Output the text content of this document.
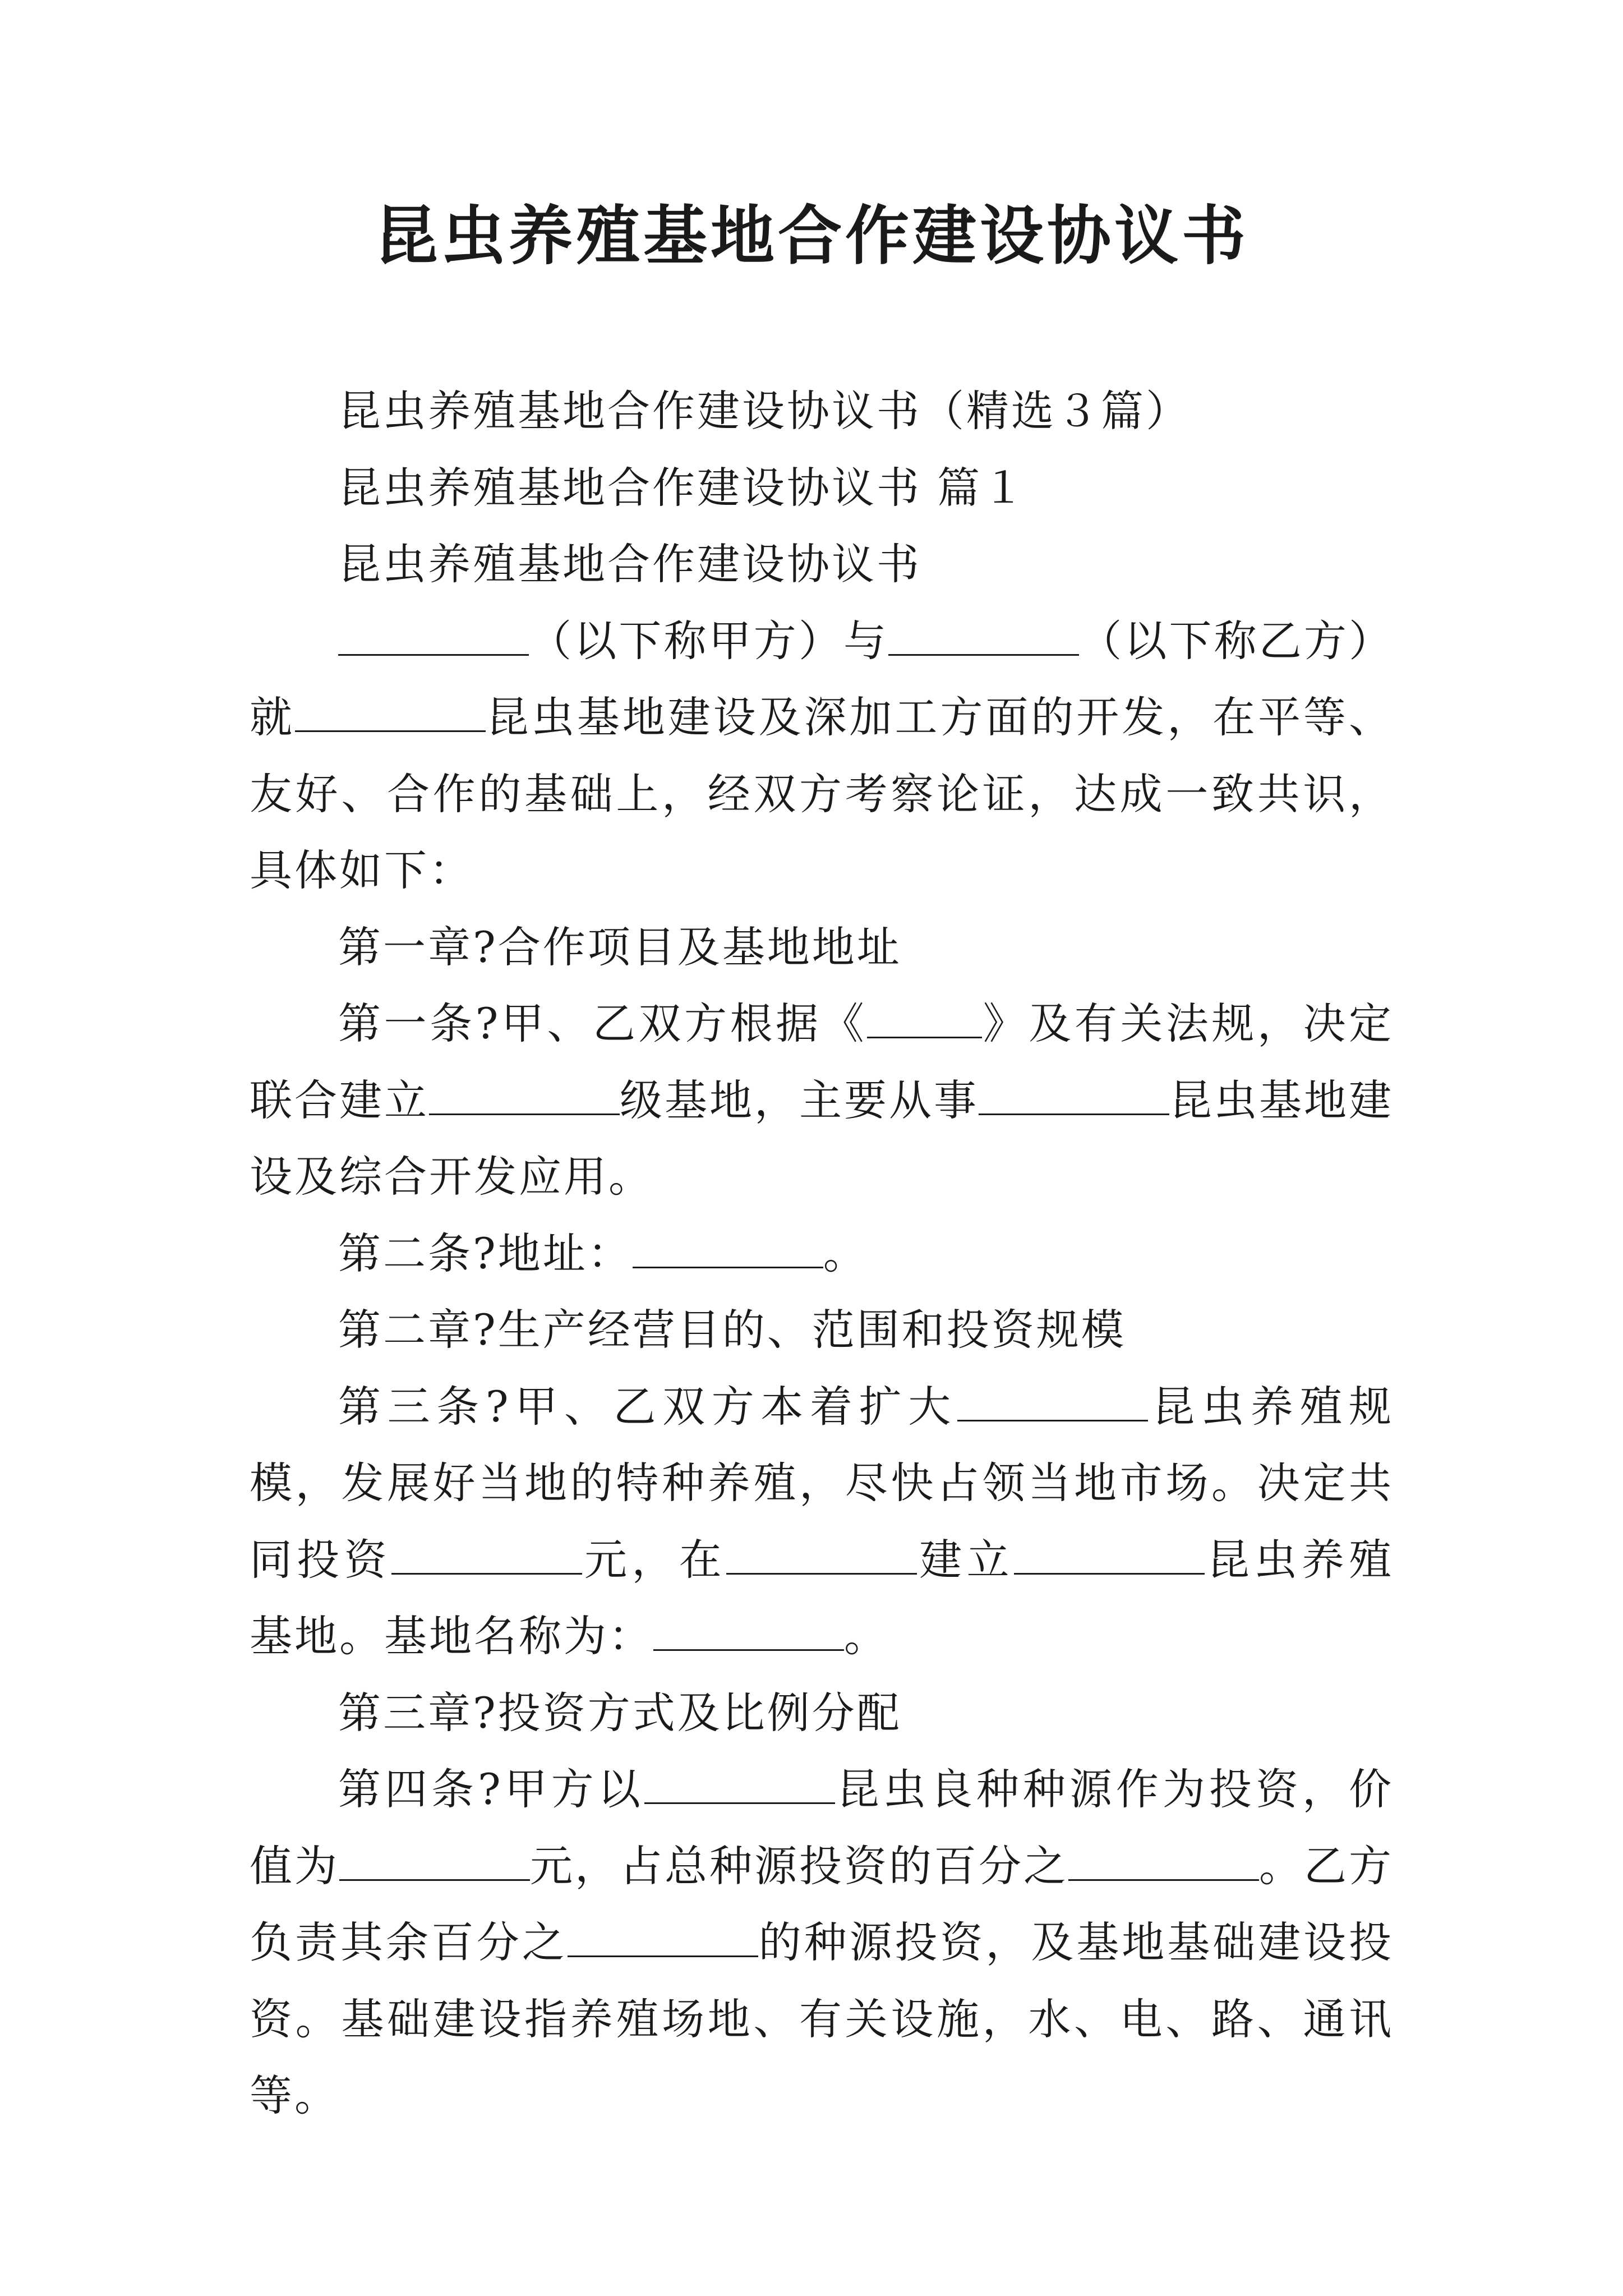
昆虫养殖基地合作建设协议书

昆虫养殖基地合作建设协议书（精选３篇）

昆虫养殖基地合作建设协议书 篇１

昆虫养殖基地合作建设协议书

（以下称甲方）与	（以下称乙方）就	昆虫基地建设及深加工方面的开发，在平等、友好、合作的基础上，经双方考察论证，达成一致共识，具体如下：

第一章?合作项目及基地地址

第一条?甲、乙双方根据《	》及有关法规，决定联合建立	级基地，主要从事	昆虫基地建设及综合开发应用。

第二条?地址：	。

第二章?生产经营目的、范围和投资规模

第三条?甲、乙双方本着扩大	昆虫养殖规模，发展好当地的特种养殖，尽快占领当地市场。决定共同投资	元，在	建立	昆虫养殖基地。基地名称为：	。

第三章?投资方式及比例分配

第四条?甲方以	昆虫良种种源作为投资，价值为	元，占总种源投资的百分之	。乙方负责其余百分之	的种源投资，及基地基础建设投资。基础建设指养殖场地、有关设施，水、电、路、通讯等。
